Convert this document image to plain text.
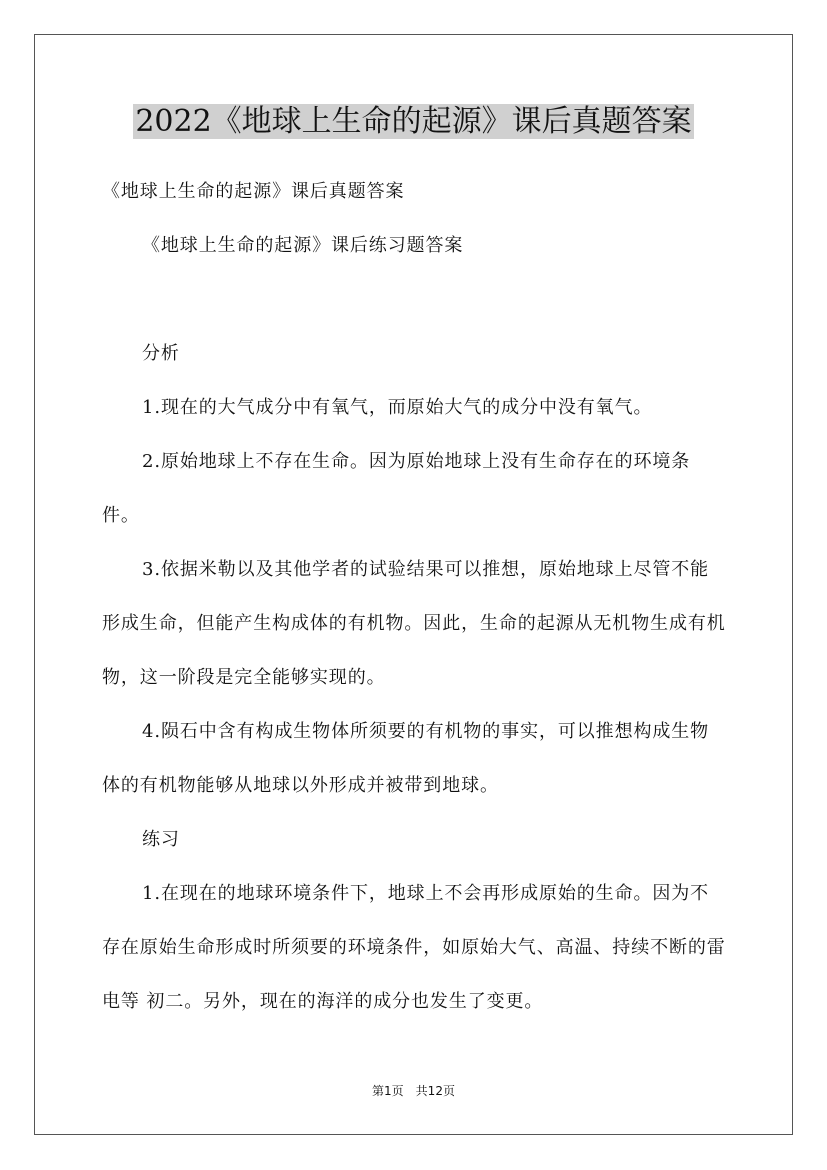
2022《地球上生命的起源》课后真题答案
《地球上生命的起源》课后真题答案
《地球上生命的起源》课后练习题答案
分析
1.现在的大气成分中有氧气，而原始大气的成分中没有氧气。
2.原始地球上不存在生命。因为原始地球上没有生命存在的环境条件。
3.依据米勒以及其他学者的试验结果可以推想，原始地球上尽管不能形成生命，但能产生构成体的有机物。因此，生命的起源从无机物生成有机物，这一阶段是完全能够实现的。
4.陨石中含有构成生物体所须要的有机物的事实，可以推想构成生物体的有机物能够从地球以外形成并被带到地球。
练习
1.在现在的地球环境条件下，地球上不会再形成原始的生命。因为不存在原始生命形成时所须要的环境条件，如原始大气、高温、持续不断的雷电等 初二。另外，现在的海洋的成分也发生了变更。
第1页　共12页
